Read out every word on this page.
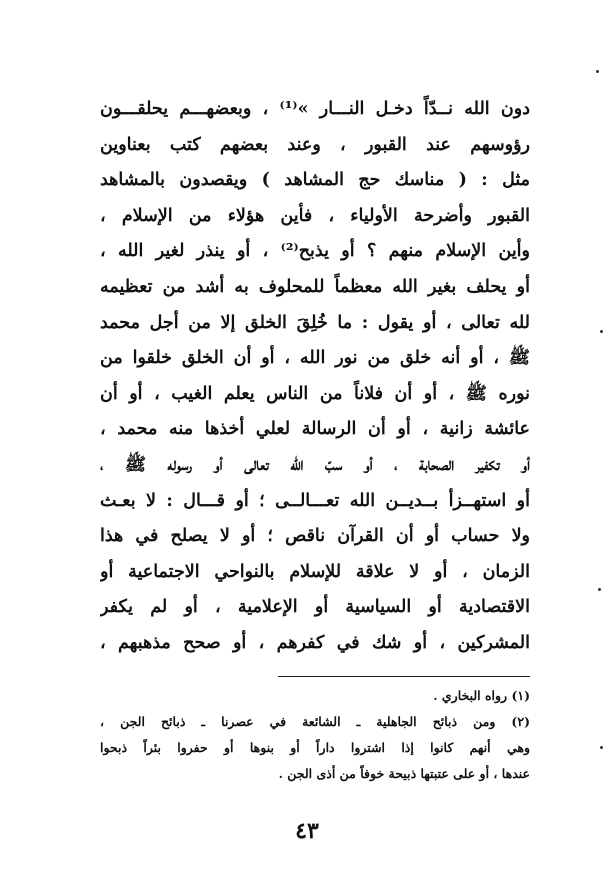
دون الله نــدّاً دخـل النـــار »⁽¹⁾ ، وبعضهـــم يحلقـــون
رؤوسهم عند القبور ، وعند بعضهم كتب بعناوين
مثل : ( مناسك حج المشاهد ) ويقصدون بالمشاهد
القبور وأضرحة الأولياء ، فأين هؤلاء من الإسلام ،
وأين الإسلام منهم ؟ أو يذبح⁽²⁾ ، أو ينذر لغير الله ،
أو يحلف بغير الله معظماً للمحلوف به أشد من تعظيمه
لله تعالى ، أو يقول : ما خُلِقَ الخلق إلا من أجل محمد
ﷺ ، أو أنه خلق من نور الله ، أو أن الخلق خلقوا من
نوره ﷺ ، أو أن فلاناً من الناس يعلم الغيب ، أو أن
عائشة زانية ، أو أن الرسالة لعلي أخذها منه محمد ،
أو تكفير الصحابة ، أو سبّ الله تعالى أو رسوله ﷺ ،
أو استهــزأ بــديــن الله تعـــالــى ؛ أو قـــال : لا بعـث
ولا حساب أو أن القرآن ناقص ؛ أو لا يصلح في هذا
الزمان ، أو لا علاقة للإسلام بالنواحي الاجتماعية أو
الاقتصادية أو السياسية أو الإعلامية ، أو لم يكفر
المشركين ، أو شك في كفرهم ، أو صحح مذهبهم ،
(١) رواه البخاري .
(٢) ومن ذبائح الجاهلية ـ الشائعة في عصرنا ـ ذبائح الجن ،
وهي أنهم كانوا إذا اشتروا داراً أو بنوها أو حفروا بئراً ذبحوا
عندها ، أو على عتبتها ذبيحة خوفاً من أذى الجن .
٤٣
